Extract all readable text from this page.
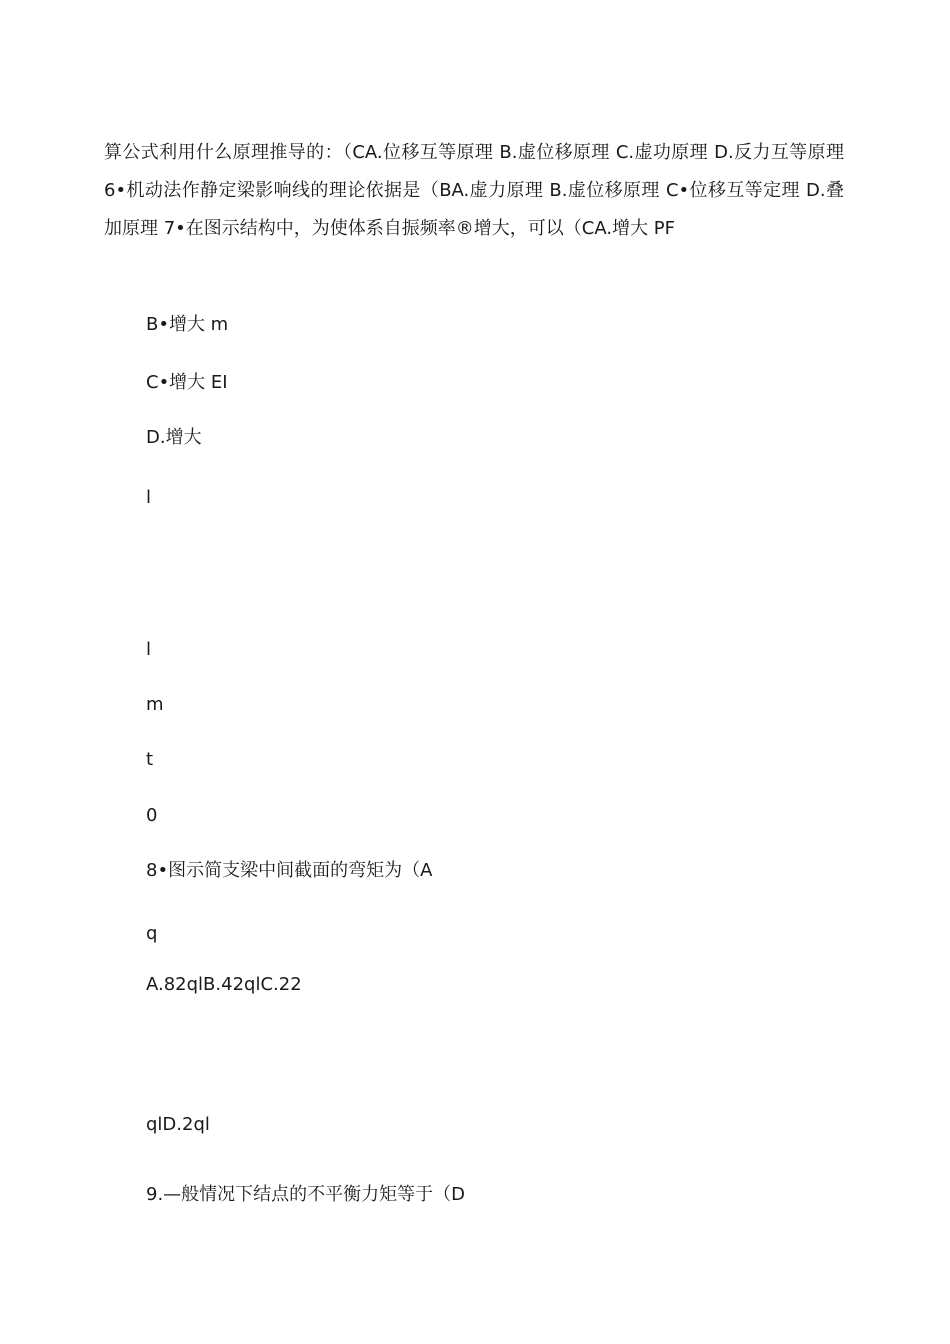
算公式利用什么原理推导的：（CA.位移互等原理 B.虚位移原理 C.虚功原理 D.反力互等原理 6•机动法作静定梁影响线的理论依据是（BA.虚力原理 B.虚位移原理 C•位移互等定理 D.叠加原理 7•在图示结构中，为使体系自振频率®增大，可以（CA.增大 PF

B•增大 m

C•增大 EI

D.增大

l

l

m

t

0

8•图示简支梁中间截面的弯矩为（A

q

A.82qlB.42qlC.22

qlD.2ql

9.—般情况下结点的不平衡力矩等于（D
